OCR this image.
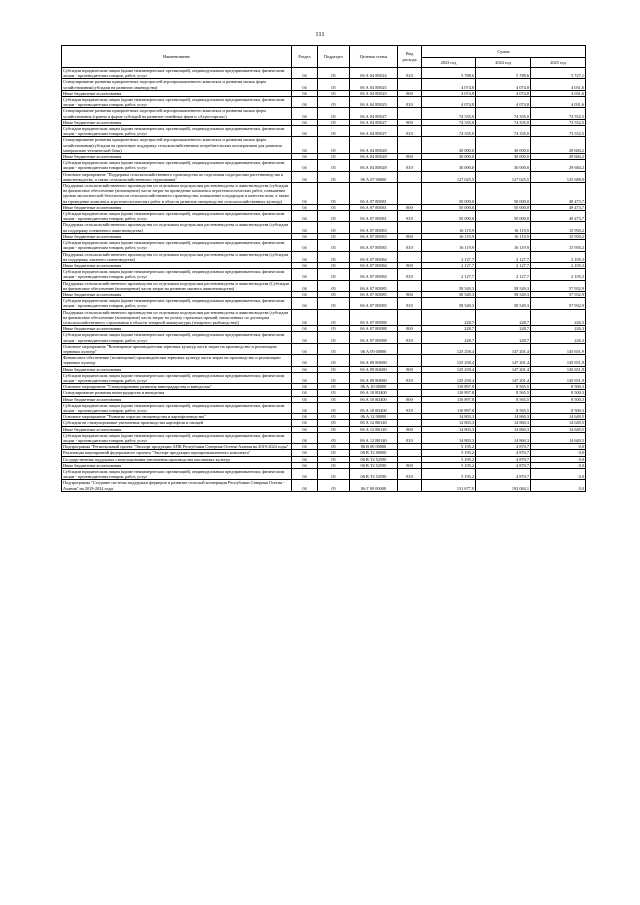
111
Наименование	Раздел	Подраздел	Целевая статья	Вид расхода	Сумма		
					2023 год	2024 год	2025 год
Субсидии юридическим лицам (кроме некоммерческих организаций), индивидуальным предпринимателям, физическим лицам - производителям товаров, работ, услуг	04	05	06 А 04 R5024	810	5 788,6	5 788,6	5 727,1
Стимулирование развития приоритетных подотраслей агропромышленного комплекса и развития малых форм хозяйствования(субсидии на развитие овцеводства)	04	05	06 А 04 R5025		4 074,8	4 074,8	4 031,6
Иные бюджетные ассигнования	04	05	06 А 04 R5025	800	4 074,8	4 074,8	4 031,6
Субсидии юридическим лицам (кроме некоммерческих организаций), индивидуальным предпринимателям, физическим лицам - производителям товаров, работ, услуг	04	05	06 А 04 R5025	810	4 074,8	4 074,8	4 031,6
Стимулирование развития приоритетных подотраслей агропромышленного комплекса и развития малых форм хозяйствования (гранты в форме субсидий на развитие семейных ферм и «Агростартап»)	04	05	06 А 04 R5027		74 335,0	74 335,0	73 552,5
Иные бюджетные ассигнования	04	05	06 А 04 R5027	800	74 335,0	74 335,0	73 552,5
Субсидии юридическим лицам (кроме некоммерческих организаций), индивидуальным предпринимателям, физическим лицам - производителям товаров, работ, услуг	04	05	06 А 04 R5027	810	74 335,0	74 335,0	73 552,5
Стимулирование развития приоритетных подотраслей агропромышленного комплекса и развития малых форм хозяйствования(субсидии на грантовую поддержку сельскохозяйственных потребительских кооперативов для развития материально-технической базы)	04	05	06 А 04 R5028		30 000,0	30 000,0	29 684,2
Иные бюджетные ассигнования	04	05	06 А 04 R5028	800	30 000,0	30 000,0	29 684,2
Субсидии юридическим лицам (кроме некоммерческих организаций), индивидуальным предпринимателям, физическим лицам - производителям товаров, работ, услуг	04	05	06 А 04 R5028	810	30 000,0	30 000,0	29 684,2
Основное мероприятие "Поддержка сельскохозяйственного производства по отдельным подотраслям растениеводства и животноводства, а также сельскохозяйственного страхования"	04	05	06 А 07 00000		127 025,5	127 025,5	125 688,0
Поддержка сельскохозяйственного производства по отдельным подотраслям растениеводства и животноводства (субсидии на финансовое обеспечение (возмещение) части затрат на проведение комплекса агротехнологических работ, повышение уровня экологической безопасности сельскохозяйственного производства, повышение плодородия и качества почв, а также на проведение комплекса агротехнологических работ в области развития овощеводства сельскохозяйственных культур)	04	05	06 А 07 R5081		50 000,0	50 000,0	49 473,7
Иные бюджетные ассигнования	04	05	06 А 07 R5081	800	50 000,0	50 000,0	49 473,7
Субсидии юридическим лицам (кроме некоммерческих организаций), индивидуальным предпринимателям, физическим лицам - производителям товаров, работ, услуг	04	05	06 А 07 R5081	810	50 000,0	50 000,0	49 473,7
Поддержка сельскохозяйственного производства по отдельным подотраслям растениеводства и животноводства (субсидии на поддержку племенного животноводства)	04	05	06 А 07 R5083		16 119,9	16 119,9	15 950,2
Иные бюджетные ассигнования	04	05	06 А 07 R5083	800	16 119,9	16 119,9	15 950,2
Субсидии юридическим лицам (кроме некоммерческих организаций), индивидуальным предпринимателям, физическим лицам - производителям товаров, работ, услуг	04	05	06 А 07 R5083	810	16 119,9	16 119,9	15 950,2
Поддержка сельскохозяйственного производства по отдельным подотраслям растениеводства и животноводства (субсидии на поддержку элитного семеноводства)	04	05	06 А 07 R5084		2 127,7	2 127,7	2 105,3
Иные бюджетные ассигнования	04	05	06 А 07 R5084	800	2 127,7	2 127,7	2 105,3
Субсидии юридическим лицам (кроме некоммерческих организаций), индивидуальным предпринимателям, физическим лицам - производителям товаров, работ, услуг	04	05	06 А 07 R5084	810	2 127,7	2 127,7	2 105,3
Поддержка сельскохозяйственного производства по отдельным подотраслям растениеводства и животноводства (Субсидии на финансовое обеспечение (возмещение) части затрат на развитие мясного животноводства)	04	05	06 А 07 R5085		58 549,3	58 549,3	57 932,9
Иные бюджетные ассигнования	04	05	06 А 07 R5085	800	58 549,3	58 549,3	57 932,9
Субсидии юридическим лицам (кроме некоммерческих организаций), индивидуальным предпринимателям, физическим лицам - производителям товаров, работ, услуг	04	05	06 А 07 R5085	810	58 549,3	58 549,3	57 932,9
Поддержка сельскохозяйственного производства по отдельным подотраслям растениеводства и животноводства (субсидии на финансовое обеспечение (возмещение) части затрат на уплату страховых премий, начисленных по договорам сельскохозяйственного страхования в области товарной аквакультуры (товарного рыбоводства))	04	05	06 А 07 R5088		228,7	228,7	226,3
Иные бюджетные ассигнования	04	05	06 А 07 R5088	800	228,7	228,7	226,3
Субсидии юридическим лицам (кроме некоммерческих организаций), индивидуальным предпринимателям, физическим лицам - производителям товаров, работ, услуг	04	05	06 А 07 R5088	810	228,7	228,7	226,3
Основное мероприятие "Возмещение производителям зерновых культур части затрат на производство и реализацию зерновых культур"	04	05	06 А 09 00000		125 258,4	147 201,4	145 651,9
Финансовое обеспечение (возмещение) производителям зерновых культур части затрат на производство и реализацию зерновых культур	04	05	06 А 09 R3680		125 258,4	147 201,4	145 651,9
Иные бюджетные ассигнования	04	05	06 А 09 R3680	800	125 258,4	147 201,4	145 651,9
Субсидии юридическим лицам (кроме некоммерческих организаций), индивидуальным предпринимателям, физическим лицам - производителям товаров, работ, услуг	04	05	06 А 09 R3680	810	125 258,4	147 201,4	145 651,9
Основное мероприятие "Стимулирование развития виноградарства и виноделия"	04	05	06 А 10 00000		110 897,8	8 565,5	8 500,3
Стимулирование развития виноградарства и виноделия	04	05	06 А 10 R3400		110 897,8	8 565,5	8 500,3
Иные бюджетные ассигнования	04	05	06 А 10 R3400	800	110 897,8	8 565,5	8 500,3
Субсидии юридическим лицам (кроме некоммерческих организаций), индивидуальным предпринимателям, физическим лицам - производителям товаров, работ, услуг	04	05	06 А 10 R3400	810	110 897,8	8 565,5	8 500,3
Основное мероприятие "Развитие отрасли овощеводства и картофелеводства"	04	05	06 А 12 00000		14 803,3	14 860,3	14 649,5
Субсидии на стимулирование увеличения производства картофеля и овощей	04	05	06 А 12 R0140		14 803,3	14 860,3	14 649,5
Иные бюджетные ассигнования	04	05	06 А 12 R0140	800	14 803,3	14 860,3	14 649,5
Субсидии юридическим лицам (кроме некоммерческих организаций), индивидуальным предпринимателям, физическим лицам - производителям товаров, работ, услуг	04	05	06 А 12 R0140	810	14 803,3	14 860,3	14 649,5
Подпрограмма "Региональный проект "Экспорт продукции АПК Республики Северная Осетия-Алания на 2019-2024 годы"	04	05	06 В 00 00000		5 195,2	4 870,7	0,0
Реализация мероприятий федерального проекта "Экспорт продукции агропромышленного комплекса"	04	05	06 В T2 00000		5 195,2	4 870,7	0,0
Государственная поддержка стимулирования увеличения производства масличных культур	04	05	06 В T2 52590		5 195,2	4 870,7	0,0
Иные бюджетные ассигнования	04	05	06 В T2 52590	800	5 195,2	4 870,7	0,0
Субсидии юридическим лицам (кроме некоммерческих организаций), индивидуальным предпринимателям, физическим лицам - производителям товаров, работ, услуг	04	05	06 В T2 52590	810	5 195,2	4 870,7	0,0
Подпрограмма "Создание системы поддержки фермеров и развитие сельской кооперации Республики Северная Осетия - Алания" на 2019-2024 годы	04	05	06 Г 00 00000		131 677,0	192 084,1	0,0
